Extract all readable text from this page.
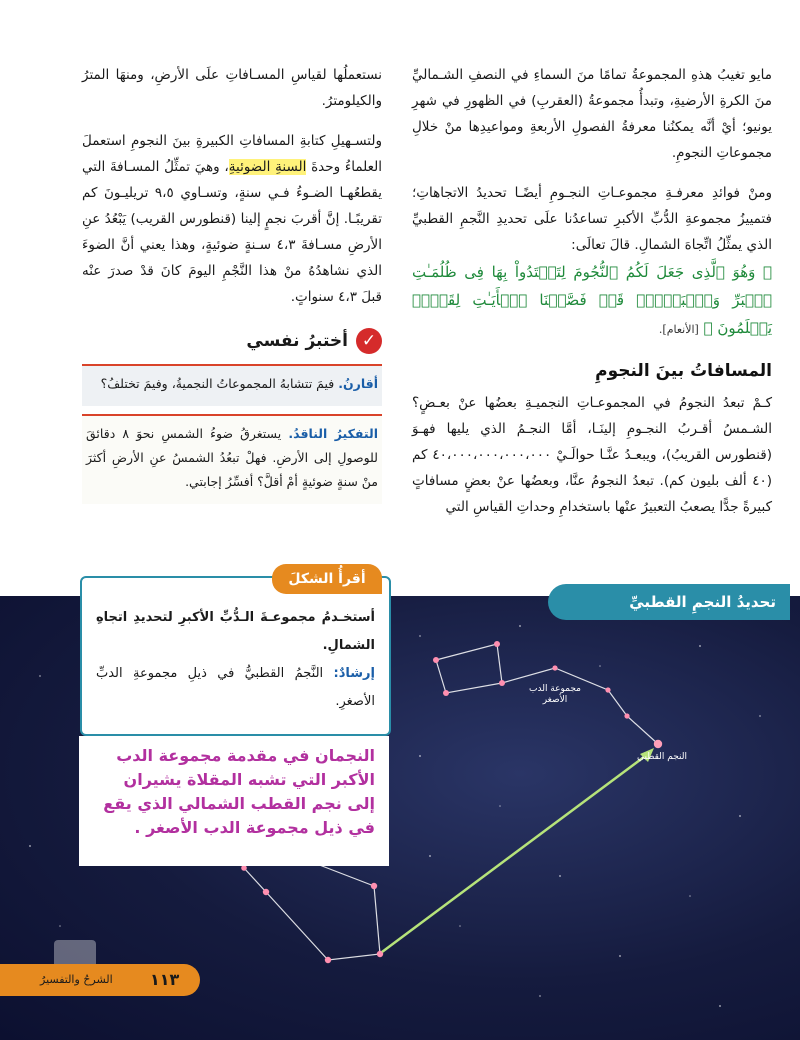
مايو تغيبُ هذهِ المجموعةُ تمامًا منَ السماءِ في النصفِ الشـماليِّ منَ الكرةِ الأرضيةِ، وتبدأُ مجموعةُ (العقربِ) في الظهورِ في شهرِ يونيو؛ أيْ أنَّه يمكنُنا معرفةُ الفصولِ الأربعةِ ومواعيدِها منْ خلالِ مجموعاتِ النجومِ.

ومنْ فوائدِ معرفـةِ مجموعـاتِ النجـومِ أيضًـا تحديدُ الاتجاهاتِ؛ فتمييزُ مجموعةِ الدُّبِّ الأكبرِ تساعدُنا علَى تحديدِ النَّجمِ القطبيِّ الذي يمثِّلُ اتِّجاهَ الشمالِ. قالَ تعالَى:

﴿ وَهُوَ ٱلَّذِى جَعَلَ لَكُمُ ٱلنُّجُومَ لِتَهۡتَدُواْ بِهَا فِى ظُلُمَـٰتِ ٱلۡبَرِّ وَٱلۡبَحۡرِۗ قَدۡ فَصَّلۡنَا ٱلۡأَيَـٰتِ لِقَوۡمٖ يَعۡلَمُونَ ﴾ [الأنعام].

المسافاتُ بينَ النجومِ

كـمْ تبعدُ النجومُ في المجموعـاتِ النجميـةِ بعضُها عنْ بعـضٍ؟ الشـمسُ أقـربُ النجـومِ إلينَـا، أمَّا النجـمُ الذي يليها فهـوَ (قنطورس القريبُ)، ويبعـدُ عنَّـا حوالَـيْ ٤٠،٠٠٠،٠٠٠،٠٠٠،٠٠٠ كم (٤٠ ألف بليون كم). تبعدُ النجومُ عنَّا، وبعضُها عنْ بعضٍ مسافاتٍ كبيرةً جدًّا يصعبُ التعبيرُ عنْها باستخدامِ وحداتِ القياسِ التي

نستعملُها لقياسِ المسـافاتِ علَى الأرضِ، ومنهَا المترُ والكيلومترُ.

ولتسـهيلِ كتابةِ المسافاتِ الكبيرةِ بينَ النجومِ استعملَ العلماءُ وحدةَ السنةِ الضوئيةِ، وهيَ تمثِّلُ المسـافةَ التي يقطعُهـا الضـوءُ فـي سنةٍ، وتسـاوي ٩،٥ تريليـونَ كم تقريبًـا. إنَّ أقربَ نجمٍ إلينا (قنطورس القريب) يَبْعُدُ عنِ الأرضِ مسـافةَ ٤،٣ سـنةٍ ضوئيةٍ، وهذا يعني أنَّ الضوءَ الذي نشاهدُهُ منْ هذا النَّجْمِ اليومَ كانَ قدْ صدرَ عنْه قبلَ ٤،٣ سنواتٍ.

✓
أختبرُ نفسي
أقارنُ. فيمَ تتشابهُ المجموعاتُ النجميةُ، وفيمَ تختلفُ؟
التفكيرُ الناقدُ. يستغرقُ ضوءُ الشمسِ نحوَ ٨ دقائقَ للوصولِ إلى الأرضِ. فهلْ تبعُدُ الشمسُ عنِ الأرضِ أكثرَ منْ سنةٍ ضوئيةٍ أمْ أقلَّ؟ أفسِّرُ إجابتي.
مجموعة الدب الأصغر
النجم القطبي
تحديدُ النجمِ القطبيِّ
أستخـدمُ مجموعـةَ الـدُّبِّ الأكبرِ لتحديدِ اتجاهِ الشمالِ.
إرشادٌ: النَّجمُ القطبيُّ في ذيلِ مجموعةِ الدبِّ الأصغرِ.
أقرأُ الشكلَ
النجمان في مقدمة مجموعة الدب الأكبر التي تشبه المقلاة يشيران إلى نجم القطب الشمالي الذي يقع في ذيل مجموعة الدب الأصغر .
١١٣
الشرحُ والتفسيرُ
